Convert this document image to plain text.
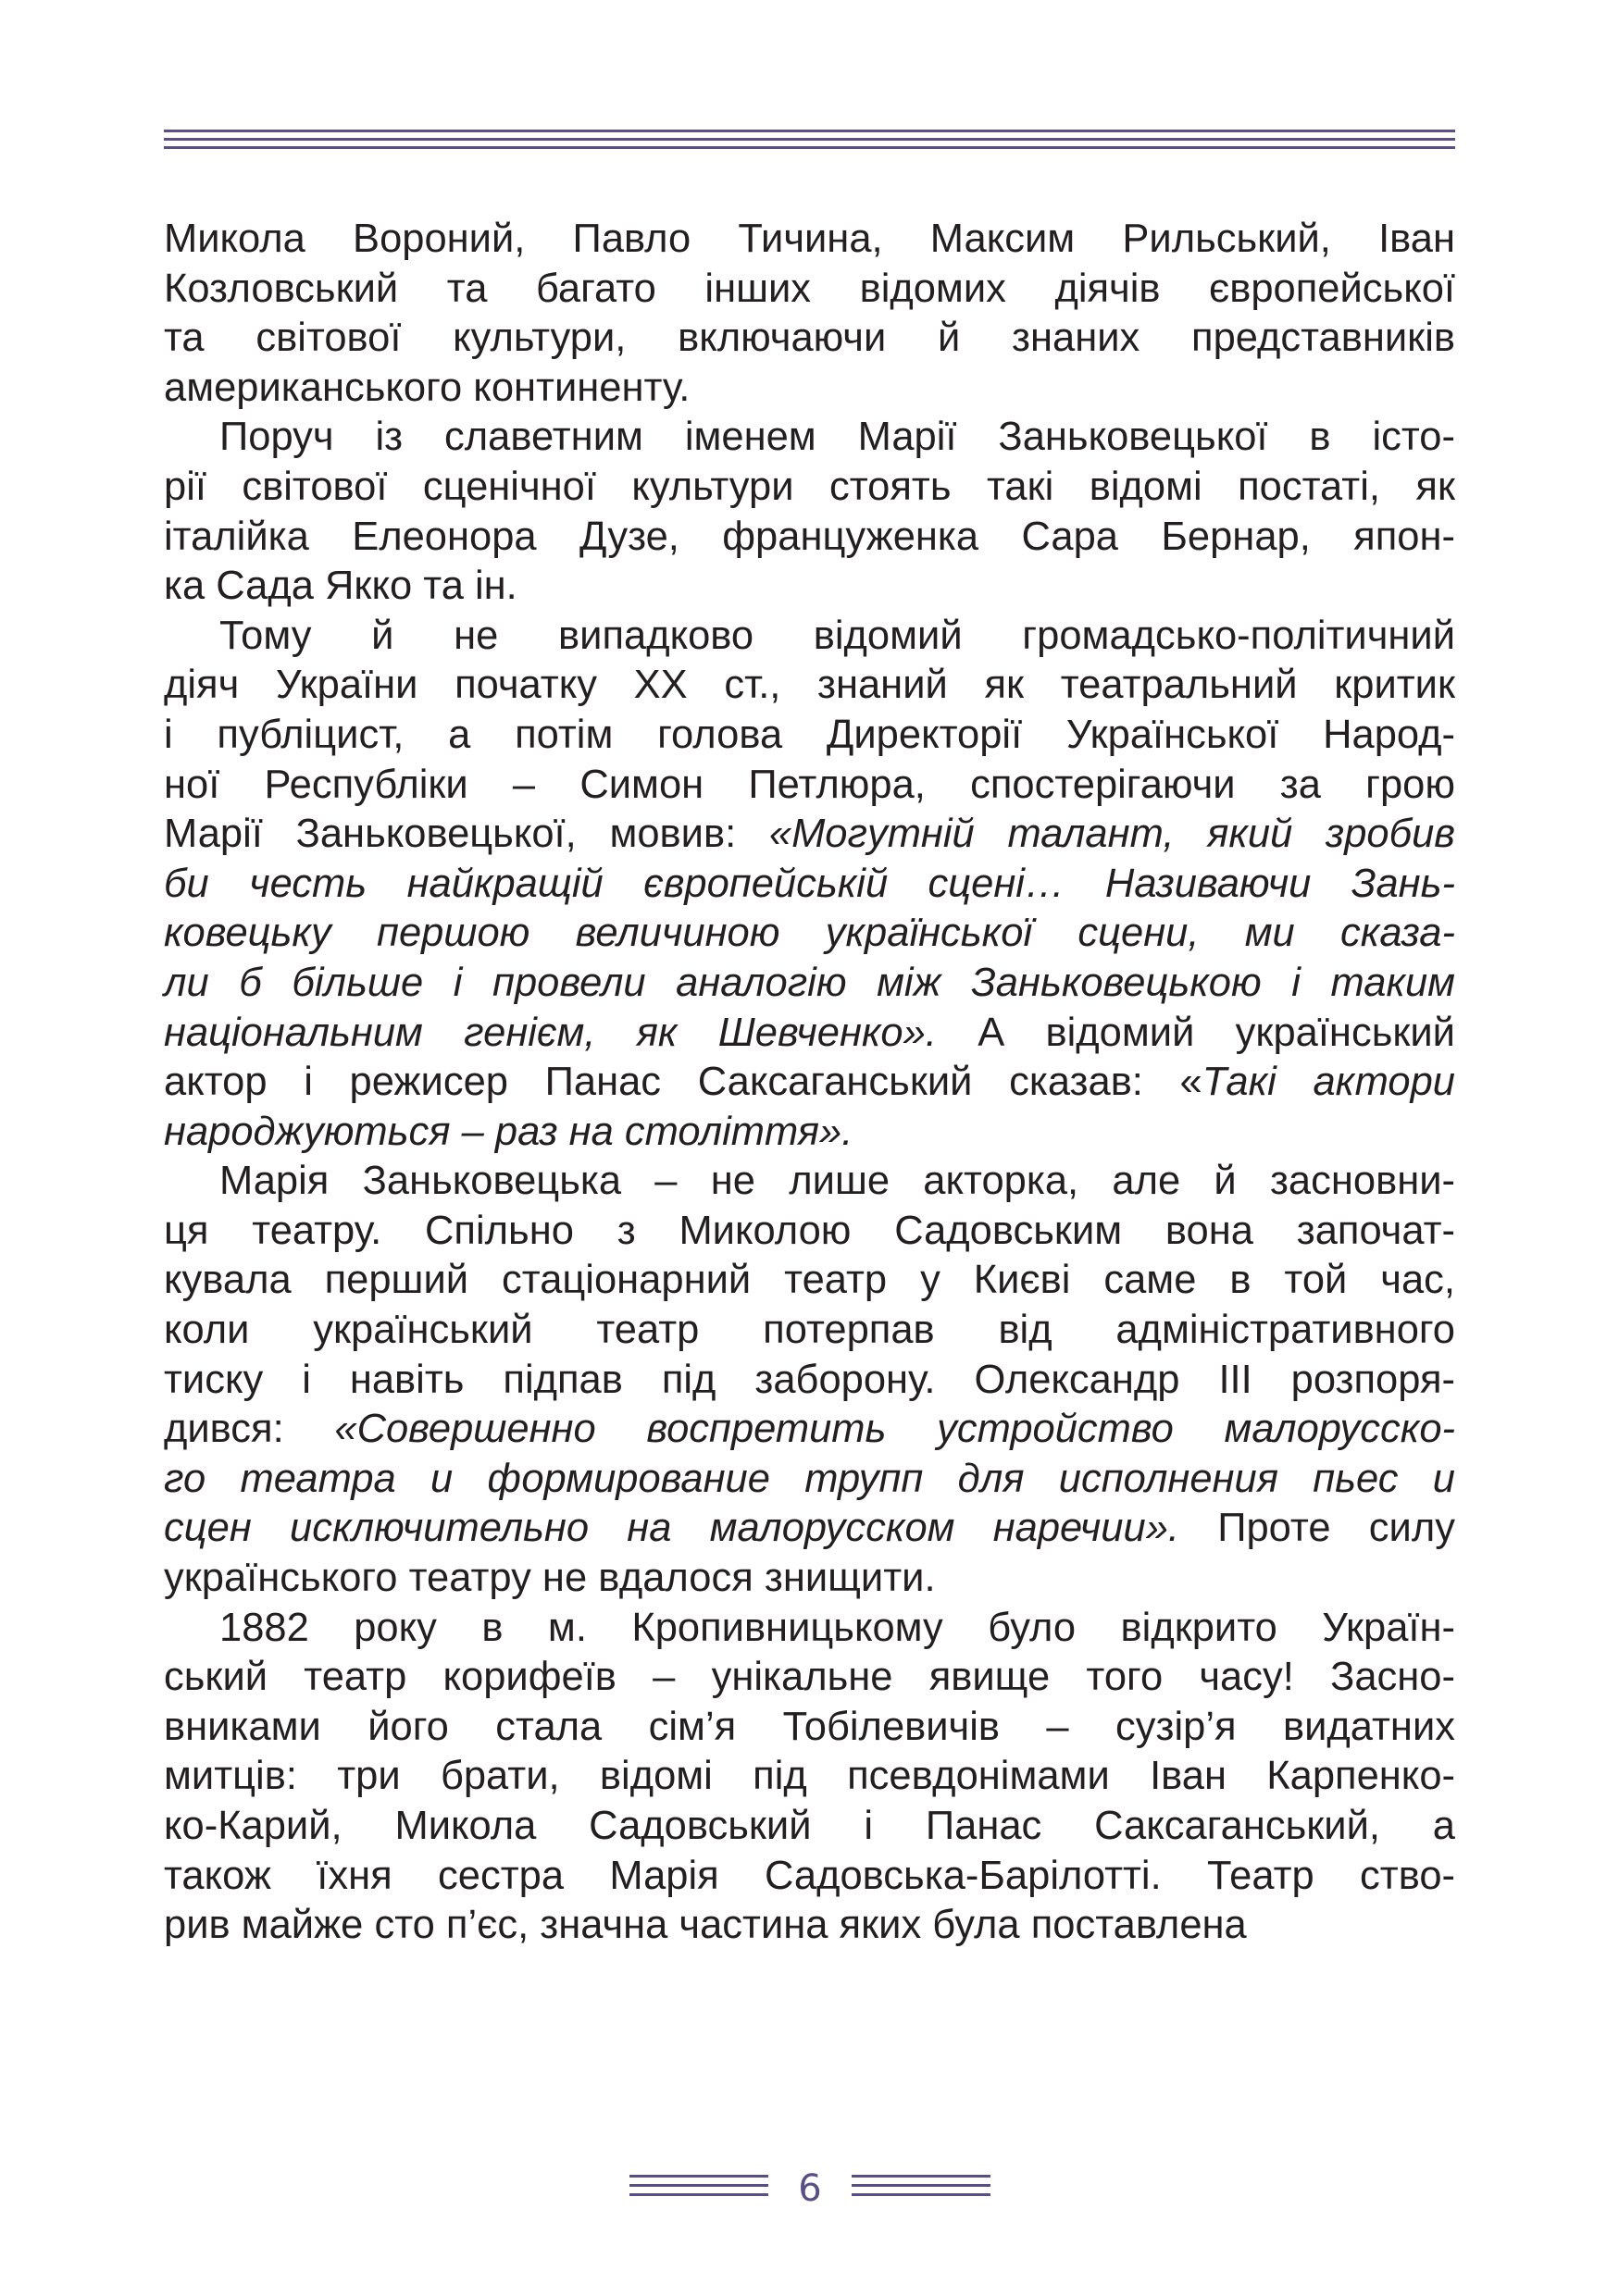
Микола Вороний, Павло Тичина, Максим Рильський, Іван
Козловський та багато інших відомих діячів європейської
та світової культури, включаючи й знаних представників
американського континенту.
Поруч із славетним іменем Марії Заньковецької в істо-
рії світової сценічної культури стоять такі відомі постаті, як
італійка Елеонора Дузе, француженка Сара Бернар, япон-
ка Сада Якко та ін.
Тому й не випадково відомий громадсько-політичний
діяч України початку XX ст., знаний як театральний критик
і публіцист, а потім голова Директорії Української Народ-
ної Республіки – Симон Петлюра, спостерігаючи за грою
Марії Заньковецької, мовив: «Могутній талант, який зробив
би честь найкращій європейській сцені… Називаючи Зань-
ковецьку першою величиною української сцени, ми сказа-
ли б більше і провели аналогію між Заньковецькою і таким
національним генієм, як Шевченко». А відомий український
актор і режисер Панас Саксаганський сказав: «Такі актори
народжуються – раз на століття».
Марія Заньковецька – не лише акторка, але й засновни-
ця театру. Спільно з Миколою Садовським вона започат-
кувала перший стаціонарний театр у Києві саме в той час,
коли український театр потерпав від адміністративного
тиску і навіть підпав під заборону. Олександр III розпоря-
дився: «Совершенно воспретить устройство малорусско-
го театра и формирование трупп для исполнения пьес и
сцен исключительно на малорусском наречии». Проте силу
українського театру не вдалося знищити.
1882 року в м. Кропивницькому було відкрито Україн-
ський театр корифеїв – унікальне явище того часу! Засно-
вниками його стала сім’я Тобілевичів – сузір’я видатних
митців: три брати, відомі під псевдонімами Іван Карпенко-
ко-Карий, Микола Садовський і Панас Саксаганський, а
також їхня сестра Марія Садовська-Барілотті. Театр ство-
рив майже сто п’єс, значна частина яких була поставлена
6
